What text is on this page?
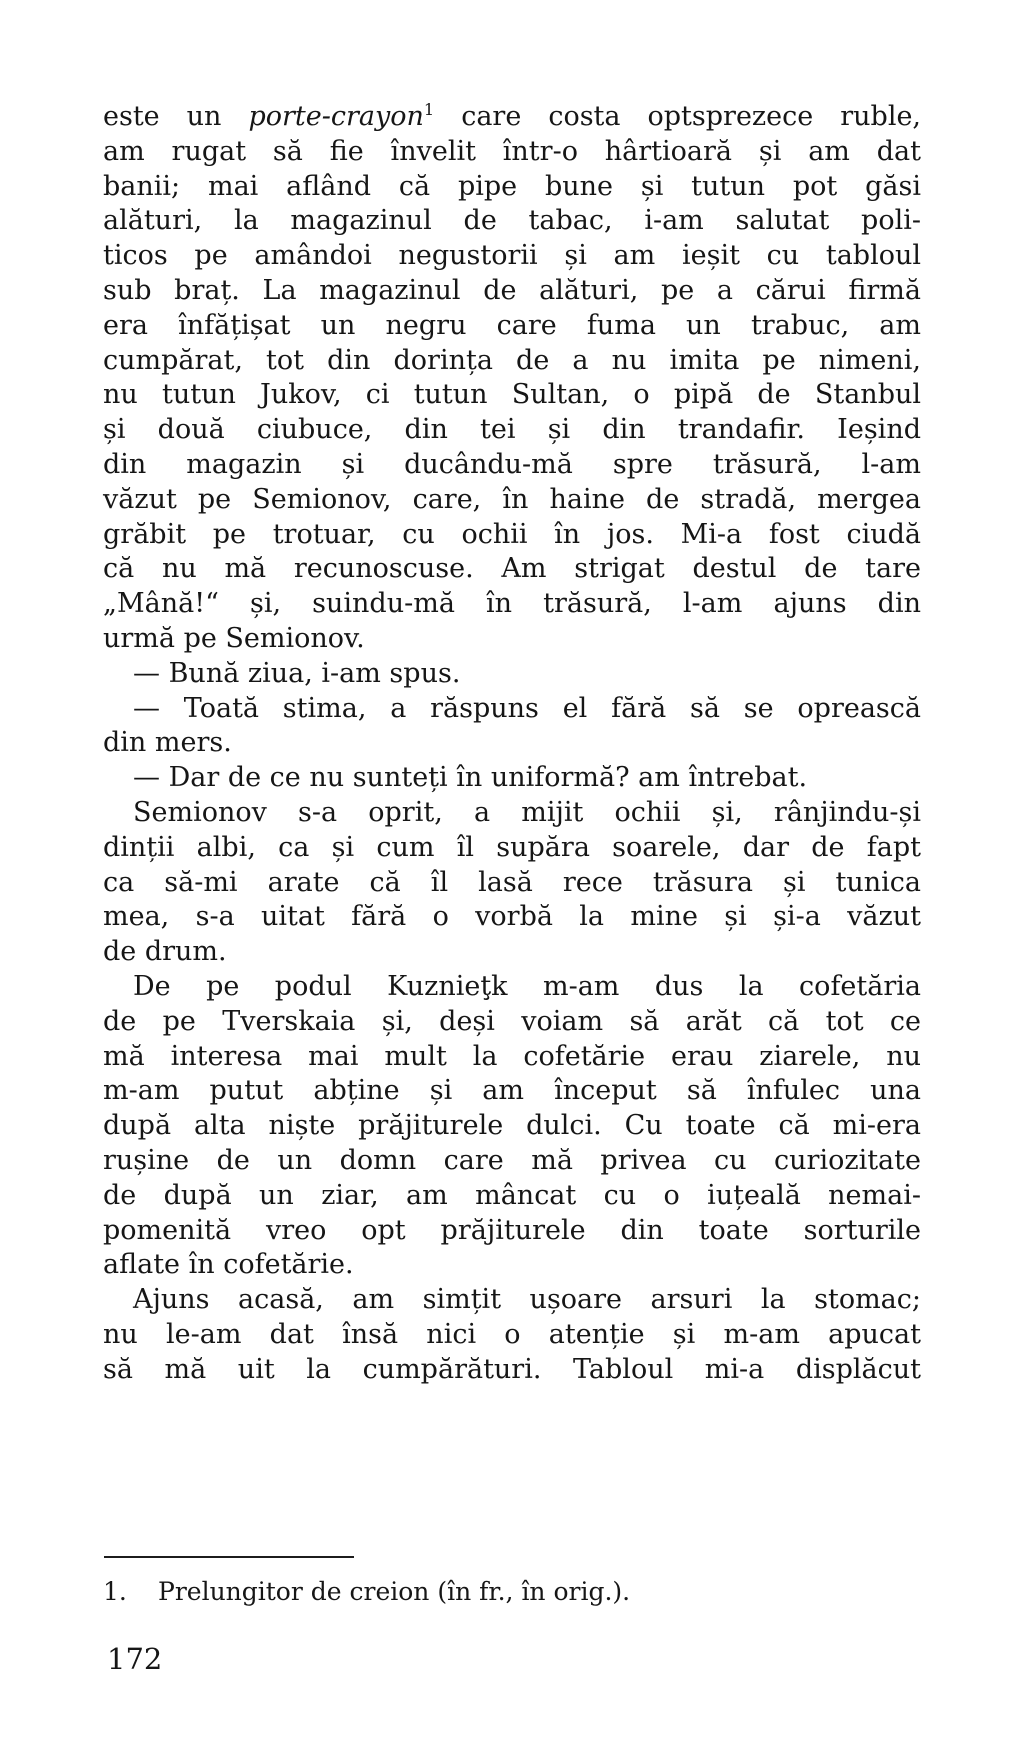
este un porte-crayon$^1$ care costa optsprezece ruble,
am rugat să fie învelit într-o hârtioară și am dat
banii; mai aflând că pipe bune și tutun pot găsi
alături, la magazinul de tabac, i-am salutat poli-
ticos pe amândoi negustorii și am ieșit cu tabloul
sub braț. La magazinul de alături, pe a cărui firmă
era înfățișat un negru care fuma un trabuc, am
cumpărat, tot din dorința de a nu imita pe nimeni,
nu tutun Jukov, ci tutun Sultan, o pipă de Stanbul
și două ciubuce, din tei și din trandafir. Ieșind
din magazin și ducându-mă spre trăsură, l-am
văzut pe Semionov, care, în haine de stradă, mergea
grăbit pe trotuar, cu ochii în jos. Mi-a fost ciudă
că nu mă recunoscuse. Am strigat destul de tare
„Mână!“ și, suindu-mă în trăsură, l-am ajuns din
urmă pe Semionov.
— Bună ziua, i-am spus.
— Toată stima, a răspuns el fără să se oprească
din mers.
— Dar de ce nu sunteți în uniformă? am întrebat.
Semionov s-a oprit, a mijit ochii și, rânjindu-și
dinții albi, ca și cum îl supăra soarele, dar de fapt
ca să-mi arate că îl lasă rece trăsura și tunica
mea, s-a uitat fără o vorbă la mine și și-a văzut
de drum.
De pe podul Kuznieţk m-am dus la cofetăria
de pe Tverskaia și, deși voiam să arăt că tot ce
mă interesa mai mult la cofetărie erau ziarele, nu
m-am putut abține și am început să înfulec una
după alta niște prăjiturele dulci. Cu toate că mi-era
rușine de un domn care mă privea cu curiozitate
de după un ziar, am mâncat cu o iuțeală nemai-
pomenită vreo opt prăjiturele din toate sorturile
aflate în cofetărie.
Ajuns acasă, am simțit ușoare arsuri la stomac;
nu le-am dat însă nici o atenție și m-am apucat
să mă uit la cumpărături. Tabloul mi-a displăcut
1. Prelungitor de creion (în fr., în orig.).
172
